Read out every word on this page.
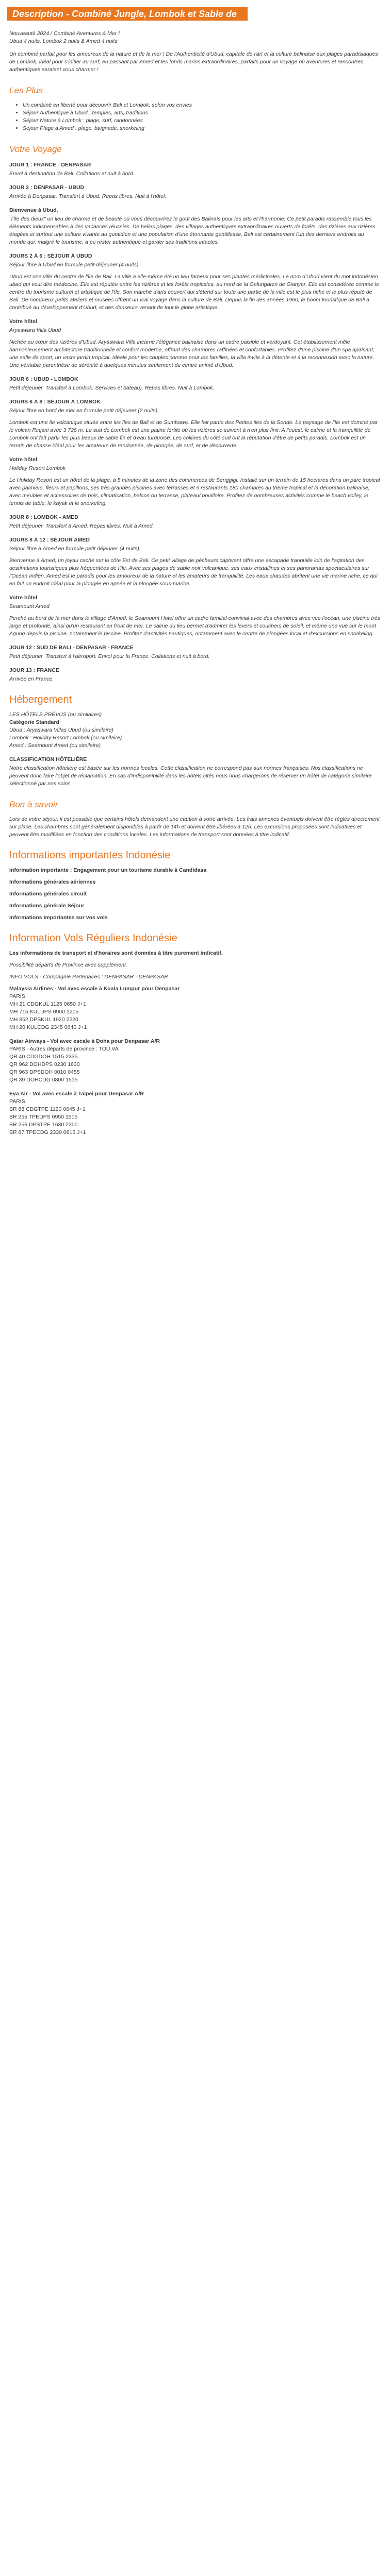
Description - Combiné Jungle, Lombok et Sable de Bali
Nouveauté 2024 / Combiné Aventures & Mer !
Ubud 4 nuits, Lombok 2 nuits & Amed 4 nuits
Un combiné parfait pour les amoureux de la nature et de la mer ! De l'Authenticité d'Ubud, capitale de l'art et la culture balinaise aux plages paradisiaques de Lombok, idéal pour s'initier au surf, en passant par Amed et les fonds marins extraordinaires, parfaits pour un voyage où aventures et rencontres authentiques seraient vous charmer !
Les Plus
• Un combiné en liberté pour découvrir Bali et Lombok, selon vos envies
• Séjour Authentique à Ubud : temples, arts, traditions
• Séjour Nature à Lombok : plage, surf, randonnées
• Séjour Plage à Amed : plage, baignade, snorkeling
Votre Voyage
JOUR 1 : FRANCE - DENPASAR
Envol à destination de Bali. Collations et nuit à bord.
JOUR 2 : DENPASAR - UBUD
Arrivée à Denpasar. Transfert à Ubud. Repas libres. Nuit à l'hôtel.
Bienvenue à Ubud,
"l'île des dieux" un lieu de charme et de beauté où vous découvrirez le goût des Balinais pour les arts et l'harmonie. Ce petit paradis rassemble tous les éléments indispensables à des vacances réussies. De belles plages, des villages authentiques extraordinaires ouverts de forêts, des rizières aux rizières étagées et surtout une culture vivante au quotidien et une population d'une étonnante gentillesse. Bali est certainement l'un des derniers endroits au monde qui, malgré le tourisme, a pu rester authentique et garder ses traditions intactes.
JOURS 2 À 6 : SÉJOUR À UBUD
Séjour libre à Ubud en formule petit-déjeuner (4 nuits).
Ubud est une ville du centre de l'île de Bali. La ville a elle-même été un lieu fameux pour ses plantes médicinales. Le nom d'Ubud vient du mot indonésien ubad qui veut dire médecine. Elle est réputée entre les rizières et les forêts tropicales, au nord de la Galungaten de Gianyar. Elle est considérée comme le centre du tourisme culturel et artistique de l'île. Son marché d'arts couvert qui s'étend sur toute une partie de la ville est le plus riche et le plus réputé de Bali. De nombreux petits ateliers et musées offrent un vrai voyage dans la culture de Bali. Depuis la fin des années 1960, le boom touristique de Bali a contribué au développement d'Ubud, et des danseurs venant de tout le globe artistique.
Votre hôtel
Aryaswara Villa Ubud
Nichée au cœur des rizières d'Ubud, Aryaswara Villa incarne l'élégance balinaise dans un cadre paisible et verdoyant. Cet établissement mêle harmonieusement architecture traditionnelle et confort moderne, offrant des chambres raffinées et confortables. Profitez d'une piscine d'un spa apaisant, une salle de sport, un vaste jardin tropical. Idéale pour les couples comme pour les familles, la villa invite à la détente et à la reconnexion avec la nature. Une véritable parenthèse de sérénité à quelques minutes seulement du centre animé d'Ubud.
JOUR 6 : UBUD - LOMBOK
Petit déjeuner. Transfert à Lombok. Services et bateau). Repas libres. Nuit à Lombok.
JOURS 6 À 8 : SÉJOUR À LOMBOK
Séjour libre en bord de mer en formule petit déjeuner (2 nuits).
Lombok est une île volcanique située entre les îles de Bali et de Sumbawa. Elle fait partie des Petites îles de la Sonde. Le paysage de l'île est dominé par le volcan Rinjani avec 3 726 m. Le sud de Lombok est une plaine fertile où les rizières se suivent à n'en plus finir. A l'ouest, le calme et la tranquillité de Lombok ont fait partir les plus beaux de sable fin et d'eau turquoise. Les collines du côté sud ont la réputation d'être de petits paradis. Lombok est un terrain de chasse idéal pour les amateurs de randonnée, de plongée, de surf, et de découverte.
Votre hôtel
Holiday Resort Lombok
Le Holiday Resort est un hôtel de la plage, à 5 minutes de la zone des commerces de Senggigi. Installé sur un terrain de 15 hectares dans un parc tropical avec palmiers, fleurs et papillons, ses très grandes piscines avec terrasses et 5 restaurants 180 chambres au thème tropical et la décoration balinaise, avec meubles et accessoires de bois, climatisation, balcon ou terrasse, plateau/ bouilloire. Profitez de nombreuses activités comme le beach volley, le tennis de table, le kayak et le snorkeling.
JOUR 8 : LOMBOK - AMED
Petit déjeuner. Transfert à Amed. Repas libres. Nuit à Amed.
JOURS 8 À 12 : SÉJOUR AMED
Séjour libre à Amed en formule petit déjeuner (4 nuits).
Bienvenue à Amed, un joyau caché sur la côte Est de Bali. Ce petit village de pêcheurs captivant offre une escapade tranquille loin de l'agitation des destinations touristiques plus fréquentées de l'île. Avec ses plages de sable noir volcanique, ses eaux cristallines et ses panoramas spectaculaires sur l'Océan Indien, Amed est le paradis pour les amoureux de la nature et les amateurs de tranquillité. Les eaux chaudes abritent une vie marine riche, ce qui en fait un endroit idéal pour la plongée en apnée et la plongée sous-marine.
Votre hôtel
Seamount Amed
Perché au bord de la mer dans le village d'Amed, le Seamount Hotel offre un cadre familial convivial avec des chambres avec vue l'océan, une piscine très large et profonde, ainsi qu'un restaurant en front de mer. Le calme du lieu permet d'admirer les levers et couchers de soleil, et même une vue sur le mont Agung depuis la piscine, notamment le piscine. Profitez d'activités nautiques, notamment avec le centre de plongées local et d'excursions en snorkeling.
JOUR 12 : SUD DE BALI - DENPASAR - FRANCE
Petit déjeuner. Transfert à l'aéroport. Envol pour la France. Collations et nuit à bord.
JOUR 13 : FRANCE
Arrivée en France.
Hébergement
LES HÔTELS PRÉVUS (ou similaires)
Catégorie Standard
Ubud : Aryaswara Villas Ubud (ou similaire)
Lombok : Holiday Resort Lombok (ou similaire)
Amed : Seamount Amed (ou similaire)
CLASSIFICATION HÔTELIÈRE
Notre classification hôtelière est basée sur les normes locales. Cette classification ne correspond pas aux normes françaises. Nos classifications ne peuvent donc faire l'objet de réclamation. En cas d'indisponibilité dans les hôtels cités nous nous chargerons de réserver un hôtel de catégorie similaire sélectionné par nos soins.
Bon à savoir
Lors de votre séjour, il est possible que certains hôtels demandent une caution à votre arrivée. Les frais annexes éventuels doivent être réglés directement sur place. Les chambres sont généralement disponibles à partir de 14h et doivent être libérées à 12h. Les excursions proposées sont indicatives et peuvent être modifiées en fonction des conditions locales. Les informations de transport sont données à titre indicatif.
Informations importantes Indonésie
Information importante : Engagement pour un tourisme durable à Candidasa
Informations générales aériennes
Informations générales circuit
Informations générale Séjour
Informations importantes sur vos vols
Information Vols Réguliers Indonésie
Les informations de transport et d'horaires sont données à titre purement indicatif.
Possibilité départs de Province avec supplément.
INFO VOLS - Compagnie Partenaires : DENPASAR - DENPASAR
Malaysia Airlines - Vol avec escale à Kuala Lumpur pour Denpasar
PARIS
MH 21 CDGKUL 1125 0650 J+1
MH 715 KULDPS 0900 1205
MH 852 DPSKUL 1920 2220
MH 20 KULCDG 2345 0640 J+1
Qatar Airways - Vol avec escale à Doha pour Denpasar A/R
PARIS - Autres départs de province : TOU VA
QR 40 CDGDOH 1515 2335
QR 962 DOHDPS 0230 1630
QR 963 DPSDOH 0010 0455
QR 39 DOHCDG 0800 1515
Eva Air - Vol avec escale à Taipei pour Denpasar A/R
PARIS
BR 88 CDGTPE 1120 0645 J+1
BR 255 TPEDPS 0950 1515
BR 256 DPSTPE 1630 2200
BR 87 TPECDG 2330 0815 J+1
